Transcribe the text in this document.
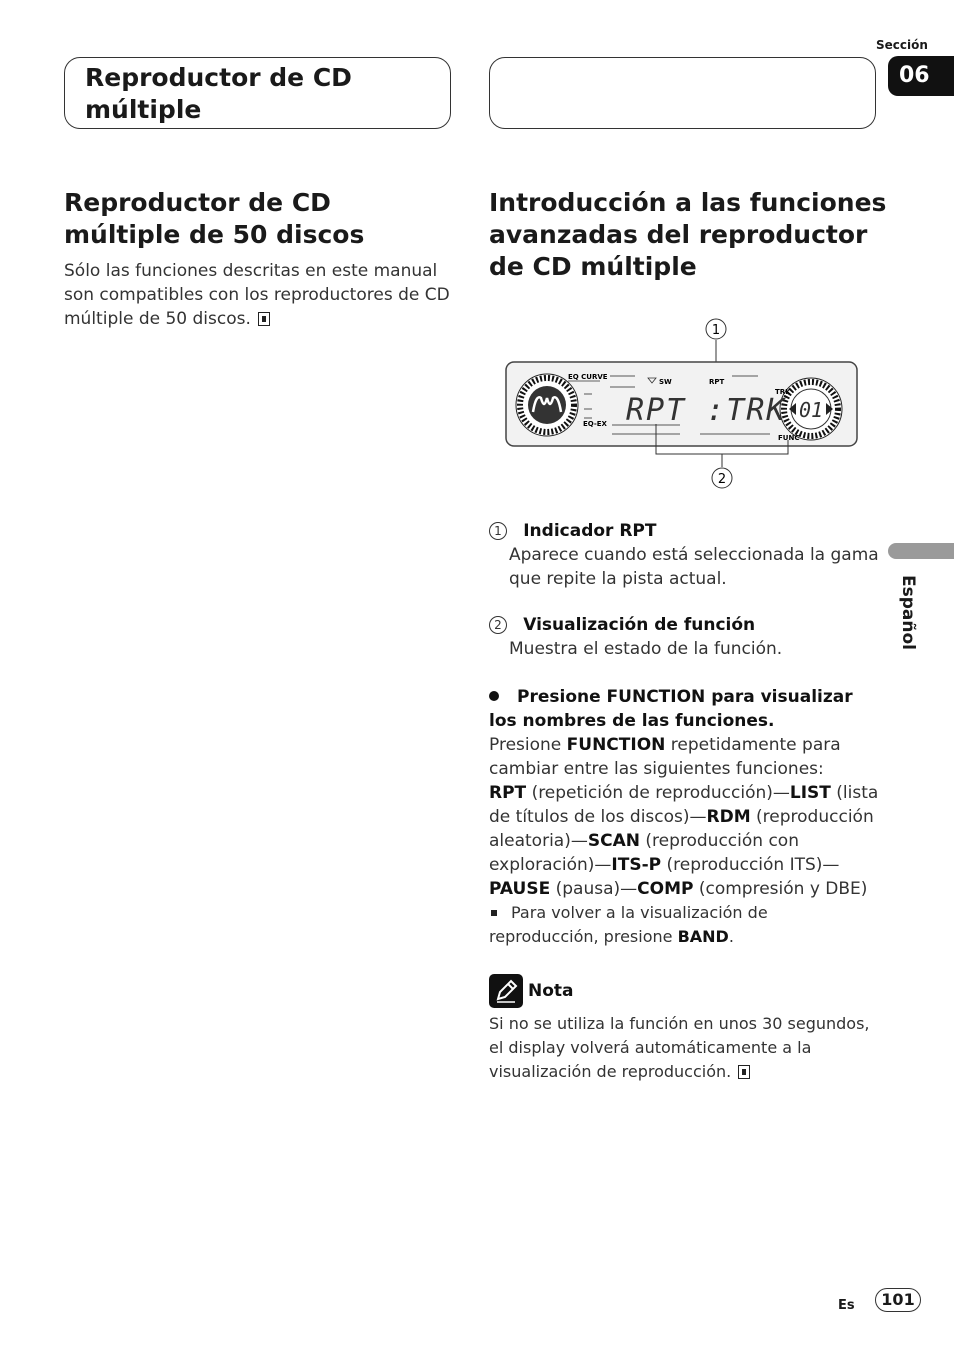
Sección
06
Reproductor de CD múltiple
Reproductor de CD múltiple de 50 discos
Sólo las funciones descritas en este manual son compatibles con los reproductores de CD múltiple de 50 discos.
Introducción a las funciones avanzadas del reproductor de CD múltiple
1
01
EQ CURVE
EQ-EX
SW	RPT
TRK
FUNC
RPT :TRK
2
1 Indicador RPT
Aparece cuando está seleccionada la gama que repite la pista actual.
2 Visualización de función
Muestra el estado de la función.
Presione FUNCTION para visualizar los nombres de las funciones.
Presione FUNCTION repetidamente para cambiar entre las siguientes funciones:
RPT (repetición de reproducción)—LIST (lista de títulos de los discos)—RDM (reproducción aleatoria)—SCAN (reproducción con exploración)—ITS-P (reproducción ITS)—PAUSE (pausa)—COMP (compresión y DBE)
Para volver a la visualización de reproducción, presione BAND.
Nota
Si no se utiliza la función en unos 30 segundos, el display volverá automáticamente a la visualización de reproducción.
Español
Es	101
